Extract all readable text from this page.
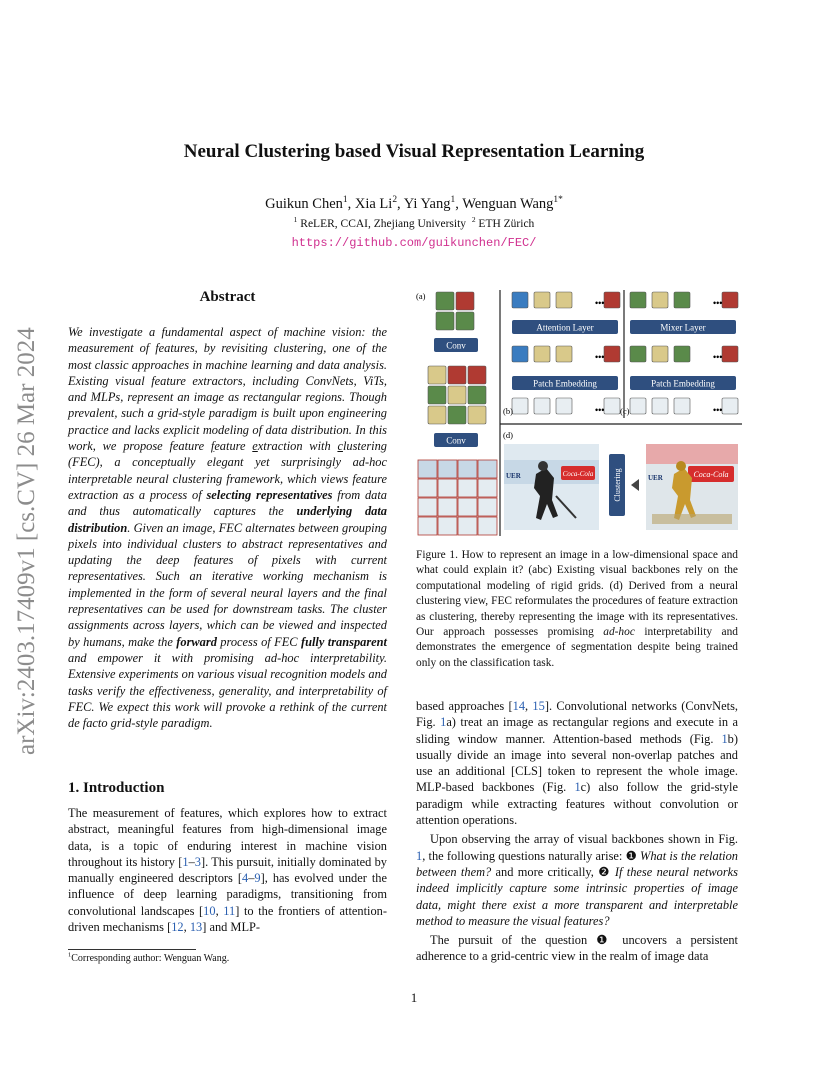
Neural Clustering based Visual Representation Learning
Guikun Chen$^1$, Xia Li$^2$, Yi Yang$^1$, Wenguan Wang$^{1*}$
$^1$ ReLER, CCAI, Zhejiang University $^2$ ETH Zürich
https://github.com/guikunchen/FEC/
arXiv:2403.17409v1 [cs.CV] 26 Mar 2024
Abstract
We investigate a fundamental aspect of machine vision: the measurement of features, by revisiting clustering, one of the most classic approaches in machine learning and data analysis. Existing visual feature extractors, including ConvNets, ViTs, and MLPs, represent an image as rectangular regions. Though prevalent, such a grid-style paradigm is built upon engineering practice and lacks explicit modeling of data distribution. In this work, we propose feature feature extraction with clustering (FEC), a conceptually elegant yet surprisingly ad-hoc interpretable neural clustering framework, which views feature extraction as a process of selecting representatives from data and thus automatically captures the underlying data distribution. Given an image, FEC alternates between grouping pixels into individual clusters to abstract representatives and updating the deep features of pixels with current representatives. Such an iterative working mechanism is implemented in the form of several neural layers and the final representatives can be used for downstream tasks. The cluster assignments across layers, which can be viewed and inspected by humans, make the forward process of FEC fully transparent and empower it with promising ad-hoc interpretability. Extensive experiments on various visual recognition models and tasks verify the effectiveness, generality, and interpretability of FEC. We expect this work will provoke a rethink of the current de facto grid-style paradigm.
1. Introduction

The measurement of features, which explores how to extract abstract, meaningful features from high-dimensional image data, is a topic of enduring interest in machine vision throughout its history [1–3]. This pursuit, initially dominated by manually engineered descriptors [4–9], has evolved under the influence of deep learning paradigms, transitioning from convolutional landscapes [10, 11] to the frontiers of attention-driven mechanisms [12, 13] and MLP-

$^1$Corresponding author: Wenguan Wang.
(a)
(b)	(c)
(d)
Conv
Conv
Attention Layer	Mixer Layer
Patch Embedding	Patch Embedding
•••
•••
•••
•••
•••
•••
Coca-Cola
UER	Clustering	Coca-Cola
UER
Figure 1. How to represent an image in a low-dimensional space and what could explain it? (abc) Existing visual backbones rely on the computational modeling of rigid grids. (d) Derived from a neural clustering view, FEC reformulates the procedures of feature extraction as clustering, thereby representing the image with its representatives. Our approach possesses promising ad-hoc interpretability and demonstrates the emergence of segmentation despite being trained only on the classification task.

based approaches [14, 15]. Convolutional networks (ConvNets, Fig. 1a) treat an image as rectangular regions and execute in a sliding window manner. Attention-based methods (Fig. 1b) usually divide an image into several non-overlap patches and use an additional [CLS] token to represent the whole image. MLP-based backbones (Fig. 1c) also follow the grid-style paradigm while extracting features without convolution or attention operations.

Upon observing the array of visual backbones shown in Fig. 1, the following questions naturally arise: ❶ What is the relation between them? and more critically, ❷ If these neural networks indeed implicitly capture some intrinsic properties of image data, might there exist a more transparent and interpretable method to measure the visual features?

The pursuit of the question ❶ uncovers a persistent adherence to a grid-centric view in the realm of image data

1
